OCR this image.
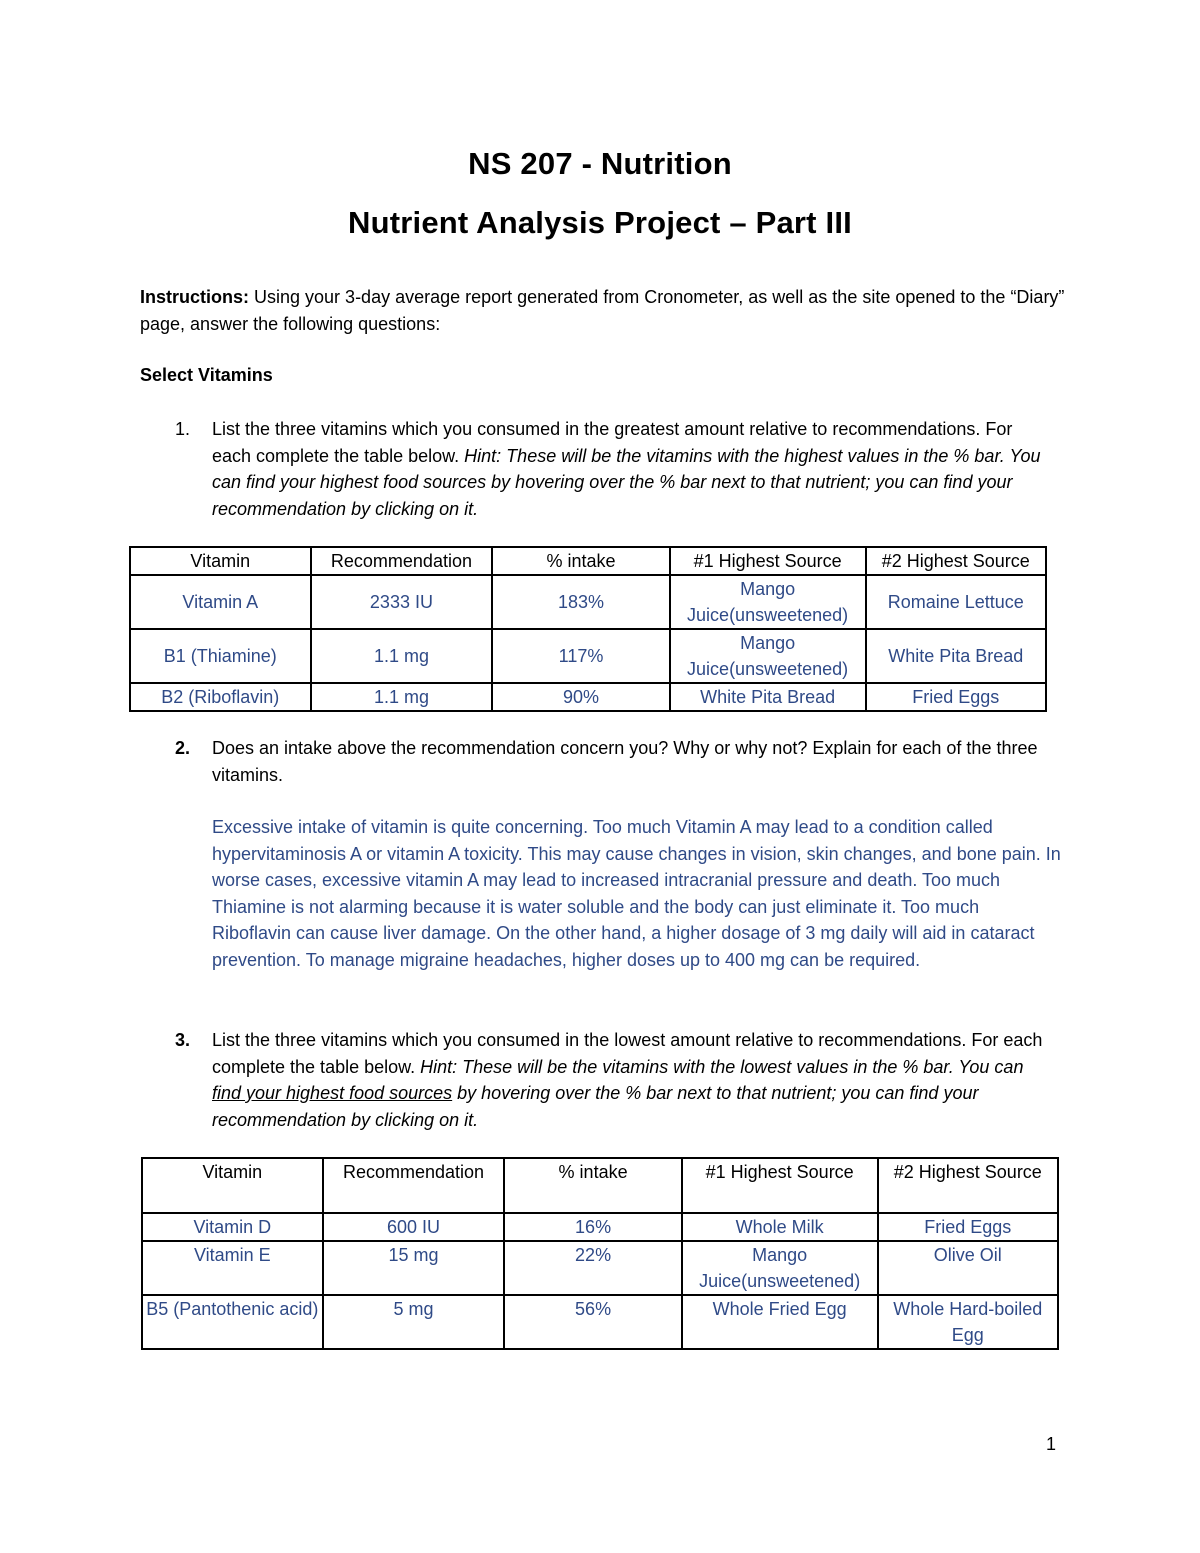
NS 207 - Nutrition
Nutrient Analysis Project – Part III

Instructions: Using your 3-day average report generated from Cronometer, as well as the site opened to the “Diary” page, answer the following questions:

Select Vitamins
1. List the three vitamins which you consumed in the greatest amount relative to recommendations. For each complete the table below. Hint: These will be the vitamins with the highest values in the % bar. You can find your highest food sources by hovering over the % bar next to that nutrient; you can find your recommendation by clicking on it.
Vitamin	Recommendation	% intake	#1 Highest Source	#2 Highest Source
Vitamin A	2333 IU	183%	Mango Juice(unsweetened)	Romaine Lettuce
B1 (Thiamine)	1.1 mg	117%	Mango Juice(unsweetened)	White Pita Bread
B2 (Riboflavin)	1.1 mg	90%	White Pita Bread	Fried Eggs
2. Does an intake above the recommendation concern you? Why or why not? Explain for each of the three vitamins.

Excessive intake of vitamin is quite concerning. Too much Vitamin A may lead to a condition called hypervitaminosis A or vitamin A toxicity. This may cause changes in vision, skin changes, and bone pain. In worse cases, excessive vitamin A may lead to increased intracranial pressure and death. Too much Thiamine is not alarming because it is water soluble and the body can just eliminate it. Too much Riboflavin can cause liver damage. On the other hand, a higher dosage of 3 mg daily will aid in cataract prevention. To manage migraine headaches, higher doses up to 400 mg can be required.

3. List the three vitamins which you consumed in the lowest amount relative to recommendations. For each complete the table below. Hint: These will be the vitamins with the lowest values in the % bar. You can find your highest food sources by hovering over the % bar next to that nutrient; you can find your recommendation by clicking on it.
Vitamin	Recommendation	% intake	#1 Highest Source	#2 Highest Source
Vitamin D	600 IU	16%	Whole Milk	Fried Eggs
Vitamin E	15 mg	22%	Mango Juice(unsweetened)	Olive Oil
B5 (Pantothenic acid)	5 mg	56%	Whole Fried Egg	Whole Hard-boiled Egg
1
